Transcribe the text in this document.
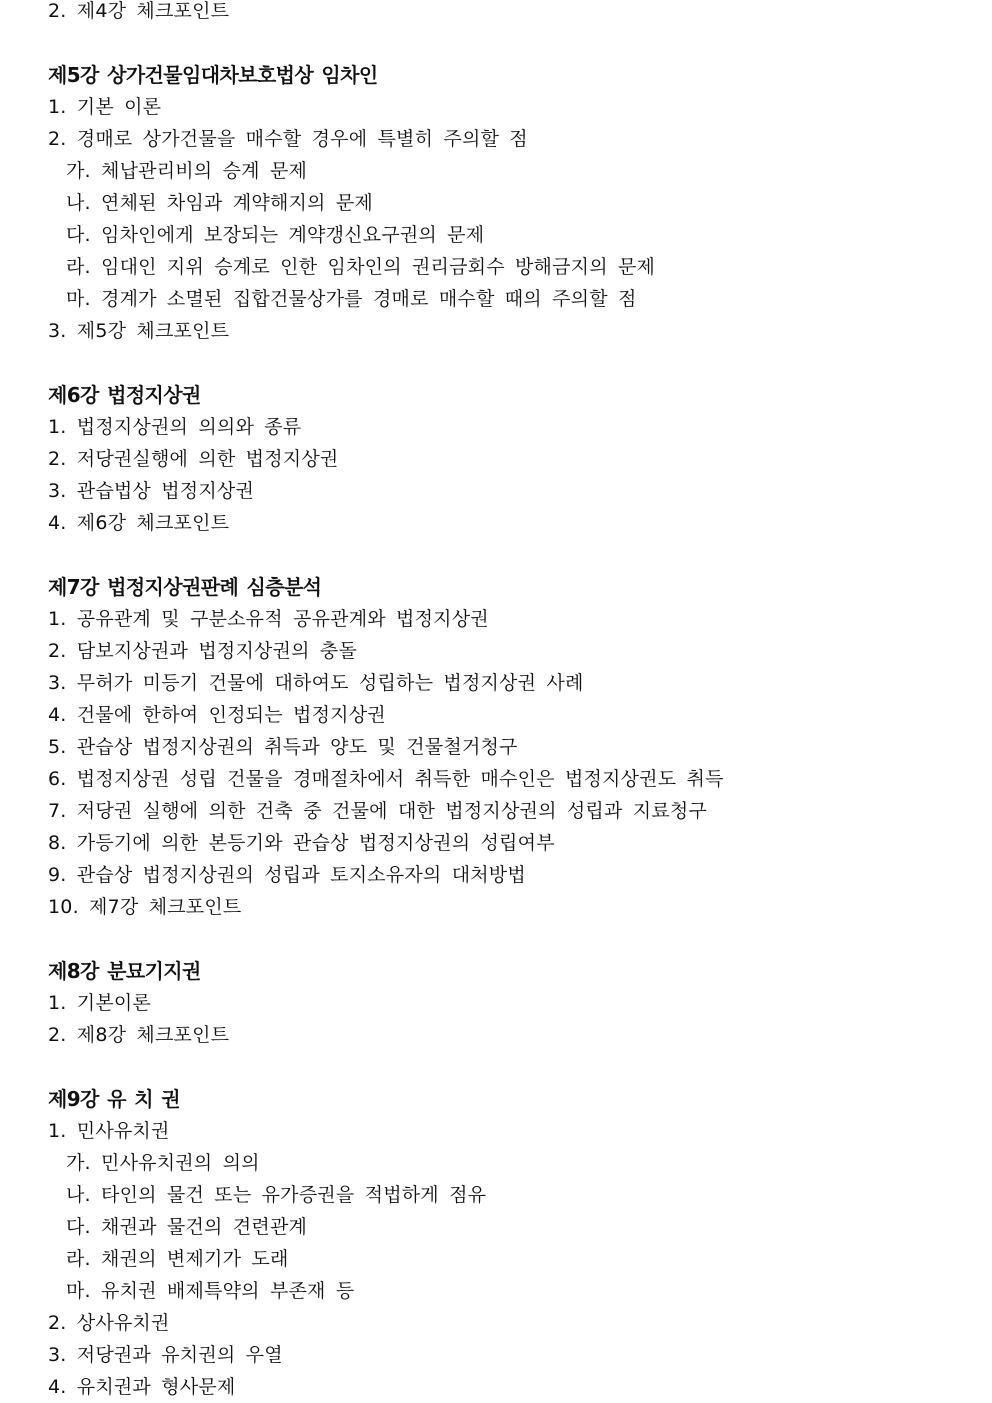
2. 제4강 체크포인트
제5강 상가건물임대차보호법상 임차인
1. 기본 이론
2. 경매로 상가건물을 매수할 경우에 특별히 주의할 점
가. 체납관리비의 승계 문제
나. 연체된 차임과 계약해지의 문제
다. 임차인에게 보장되는 계약갱신요구권의 문제
라. 임대인 지위 승계로 인한 임차인의 권리금회수 방해금지의 문제
마. 경계가 소멸된 집합건물상가를 경매로 매수할 때의 주의할 점
3. 제5강 체크포인트
제6강 법정지상권
1. 법정지상권의 의의와 종류
2. 저당권실행에 의한 법정지상권
3. 관습법상 법정지상권
4. 제6강 체크포인트
제7강 법정지상권판례 심층분석
1. 공유관계 및 구분소유적 공유관계와 법정지상권
2. 담보지상권과 법정지상권의 충돌
3. 무허가 미등기 건물에 대하여도 성립하는 법정지상권 사례
4. 건물에 한하여 인정되는 법정지상권
5. 관습상 법정지상권의 취득과 양도 및 건물철거청구
6. 법정지상권 성립 건물을 경매절차에서 취득한 매수인은 법정지상권도 취득
7. 저당권 실행에 의한 건축 중 건물에 대한 법정지상권의 성립과 지료청구
8. 가등기에 의한 본등기와 관습상 법정지상권의 성립여부
9. 관습상 법정지상권의 성립과 토지소유자의 대처방법
10. 제7강 체크포인트
제8강 분묘기지권
1. 기본이론
2. 제8강 체크포인트
제9강 유 치 권
1. 민사유치권
가. 민사유치권의 의의
나. 타인의 물건 또는 유가증권을 적법하게 점유
다. 채권과 물건의 견련관계
라. 채권의 변제기가 도래
마. 유치권 배제특약의 부존재 등
2. 상사유치권
3. 저당권과 유치권의 우열
4. 유치권과 형사문제
